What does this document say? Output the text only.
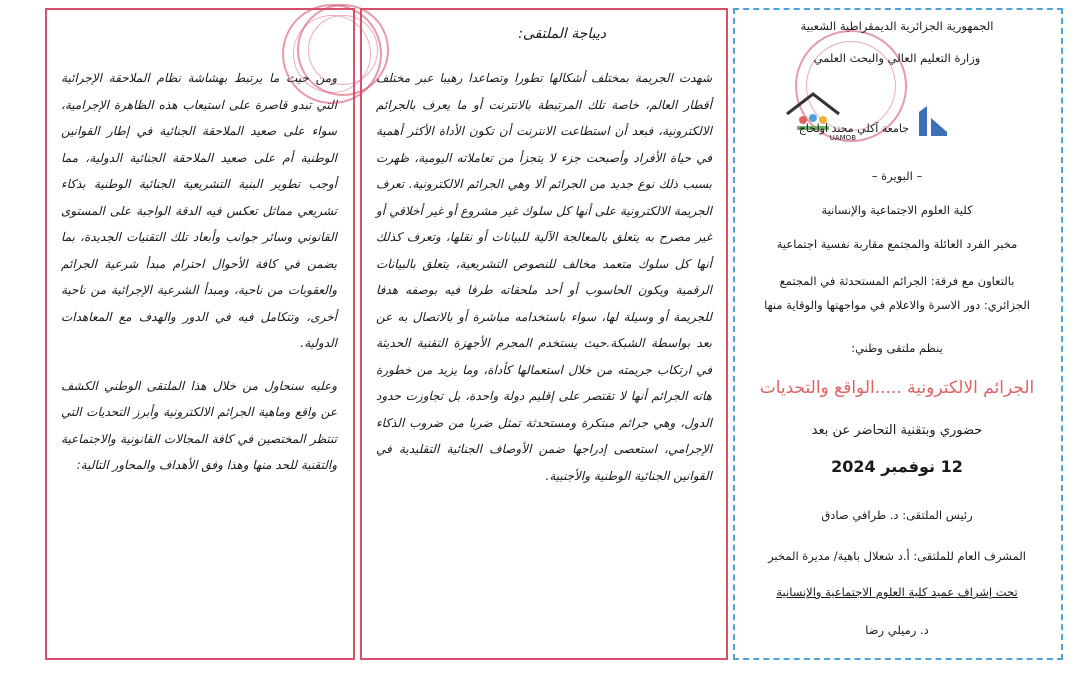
ومن حيث ما يرتبط بهشاشة نظام الملاحقة الإجرائية التي تبدو قاصرة على استيعاب هذه الظاهرة الإجرامية، سواء على صعيد الملاحقة الجنائية في إطار القوانين الوطنية أم على صعيد الملاحقة الجنائية الدولية، مما أوجب تطوير البنية التشريعية الجنائية الوطنية بذكاء تشريعي مماثل تعكس فيه الدقة الواجبة على المستوى القانوني وسائر جوانب وأبعاد تلك التقنيات الجديدة، بما يضمن في كافة الأحوال احترام مبدأ شرعية الجرائم والعقوبات من ناحية، ومبدأ الشرعية الإجرائية من ناحية أخرى، وتتكامل فيه في الدور والهدف مع المعاهدات الدولية.

وعليه سنحاول من خلال هذا الملتقى الوطني الكشف عن واقع وماهية الجرائم الالكترونية وأبرز التحديات التي تنتظر المختصين في كافة المجالات القانونية والاجتماعية والتقنية للحد منها وهذا وفق الأهداف والمحاور التالية:

ديباجة الملتقى:

شهدت الجريمة بمختلف أشكالها تطورا وتصاعدا رهيبا عبر مختلف أقطار العالم، خاصة تلك المرتبطة بالانترنت أو ما يعرف بالجرائم الالكترونية، فبعد أن استطاعت الانترنت أن تكون الأداة الأكثر أهمية في حياة الأفراد وأصبحت جزء لا يتجزأ من تعاملاته اليومية، ظهرت بسبب ذلك نوع جديد من الجرائم ألا وهي الجرائم الالكترونية. تعرف الجريمة الالكترونية على أنها كل سلوك غير مشروع أو غير أخلاقي أو غير مصرح به يتعلق بالمعالجة الآلية للبيانات أو نقلها، وتعرف كذلك أنها كل سلوك متعمد مخالف للنصوص التشريعية، يتعلق بالبيانات الرقمية ويكون الحاسوب أو أحد ملحقاته طرفا فيه بوصفه هدفا للجريمة أو وسيلة لها، سواء باستخدامه مباشرة أو بالاتصال به عن بعد بواسطة الشبكة.حيث يستخدم المجرم الأجهزة التقنية الحديثة في ارتكاب جريمته من خلال استعمالها كأداة، وما يزيد من خطورة هاته الجرائم أنها لا تقتصر على إقليم دولة واحدة، بل تجاوزت حدود الدول، وهي جرائم مبتكرة ومستحدثة تمثل ضربا من ضروب الذكاء الإجرامي، استعصى إدراجها ضمن الأوصاف الجنائية التقليدية في القوانين الجنائية الوطنية والأجنبية.

الجمهورية الجزائرية الديمقراطية الشعبية

وزارة التعليم العالي والبحث العلمي

UAMOB

جامعة آكلي محند اولحاج

– البويرة –

كلية العلوم الاجتماعية والإنسانية

مخبر الفرد العائلة والمجتمع مقاربة نفسية اجتماعية

بالتعاون مع فرقة: الجرائم المستحدثة في المجتمع

الجزائري: دور الاسرة والاعلام في مواجهتها والوقاية منها

ينظم ملتقى وطني:

الجرائم الالكترونية .....الواقع والتحديات

حضوري وبتقنية التحاضر عن بعد

12 نوفمبر 2024

رئيس الملتقى: د. طرافي صادق

المشرف العام للملتقى: أ.د شعلال باهية/ مديرة المخبر

تحت إشراف عميد كلية العلوم الاجتماعية والإنسانية

د. رميلي رضا
